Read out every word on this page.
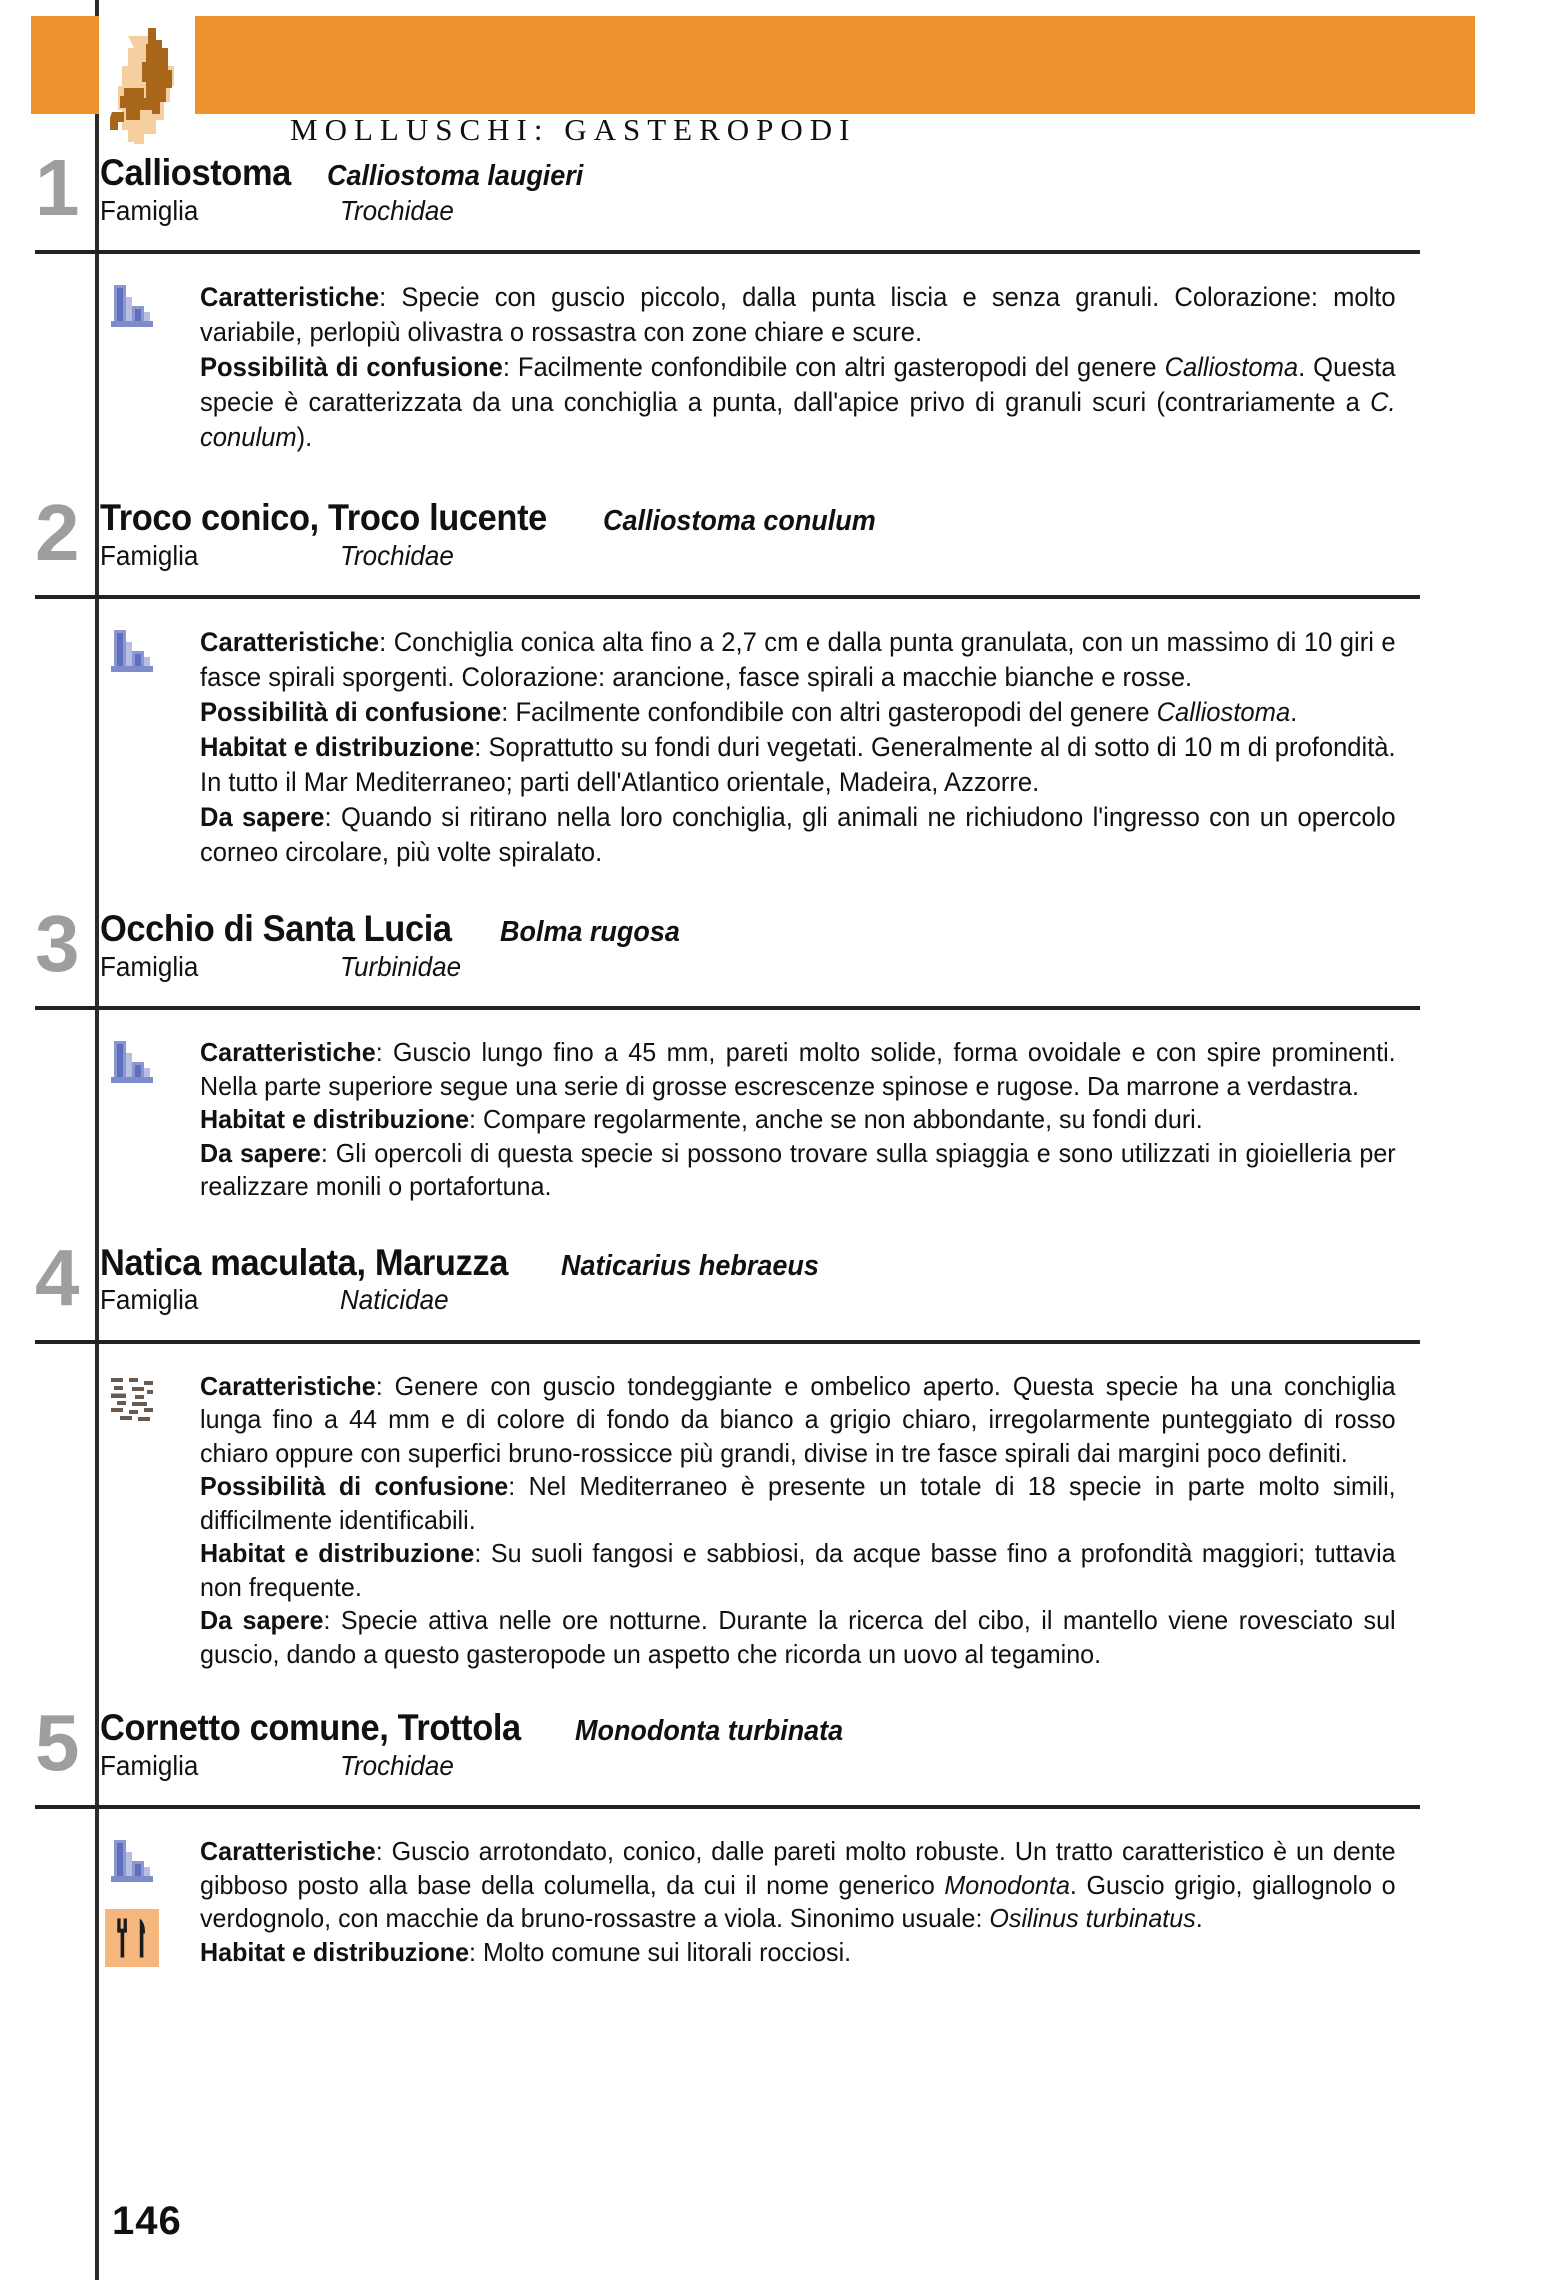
MOLLUSCHI: GASTEROPODI
1 Calliostoma Calliostoma laugieri
Famiglia	Trochidae

Caratteristiche: Specie con guscio piccolo, dalla punta liscia e senza granuli. Colorazione: molto variabile, perlopiù olivastra o rossastra con zone chiare e scure.

Possibilità di confusione: Facilmente confondibile con altri gasteropodi del genere Calliostoma. Questa specie è caratterizzata da una conchiglia a punta, dall'apice privo di granuli scuri (contrariamente a C. conulum).

2 Troco conico, Troco lucente Calliostoma conulum
Famiglia	Trochidae

Caratteristiche: Conchiglia conica alta fino a 2,7 cm e dalla punta granulata, con un massimo di 10 giri e fasce spirali sporgenti. Colorazione: arancione, fasce spirali a macchie bianche e rosse.

Possibilità di confusione: Facilmente confondibile con altri gasteropodi del genere Calliostoma.

Habitat e distribuzione: Soprattutto su fondi duri vegetati. Generalmente al di sotto di 10 m di profondità. In tutto il Mar Mediterraneo; parti dell'Atlantico orientale, Madeira, Azzorre.

Da sapere: Quando si ritirano nella loro conchiglia, gli animali ne richiudono l'ingresso con un opercolo corneo circolare, più volte spiralato.

3 Occhio di Santa Lucia Bolma rugosa
Famiglia	Turbinidae

Caratteristiche: Guscio lungo fino a 45 mm, pareti molto solide, forma ovoidale e con spire prominenti. Nella parte superiore segue una serie di grosse escrescenze spinose e rugose. Da marrone a verdastra.

Habitat e distribuzione: Compare regolarmente, anche se non abbondante, su fondi duri.

Da sapere: Gli opercoli di questa specie si possono trovare sulla spiaggia e sono utilizzati in gioielleria per realizzare monili o portafortuna.

4 Natica maculata, Maruzza Naticarius hebraeus
Famiglia	Naticidae

Caratteristiche: Genere con guscio tondeggiante e ombelico aperto. Questa specie ha una conchiglia lunga fino a 44 mm e di colore di fondo da bianco a grigio chiaro, irregolarmente punteggiato di rosso chiaro oppure con superfici bruno-rossicce più grandi, divise in tre fasce spirali dai margini poco definiti.

Possibilità di confusione: Nel Mediterraneo è presente un totale di 18 specie in parte molto simili, difficilmente identificabili.

Habitat e distribuzione: Su suoli fangosi e sabbiosi, da acque basse fino a profondità maggiori; tuttavia non frequente.

Da sapere: Specie attiva nelle ore notturne. Durante la ricerca del cibo, il mantello viene rovesciato sul guscio, dando a questo gasteropode un aspetto che ricorda un uovo al tegamino.

5 Cornetto comune, Trottola Monodonta turbinata
Famiglia	Trochidae

Caratteristiche: Guscio arrotondato, conico, dalle pareti molto robuste. Un tratto caratteristico è un dente gibboso posto alla base della columella, da cui il nome generico Monodonta. Guscio grigio, giallognolo o verdognolo, con macchie da bruno-rossastre a viola. Sinonimo usuale: Osilinus turbinatus.

Habitat e distribuzione: Molto comune sui litorali rocciosi.

146
